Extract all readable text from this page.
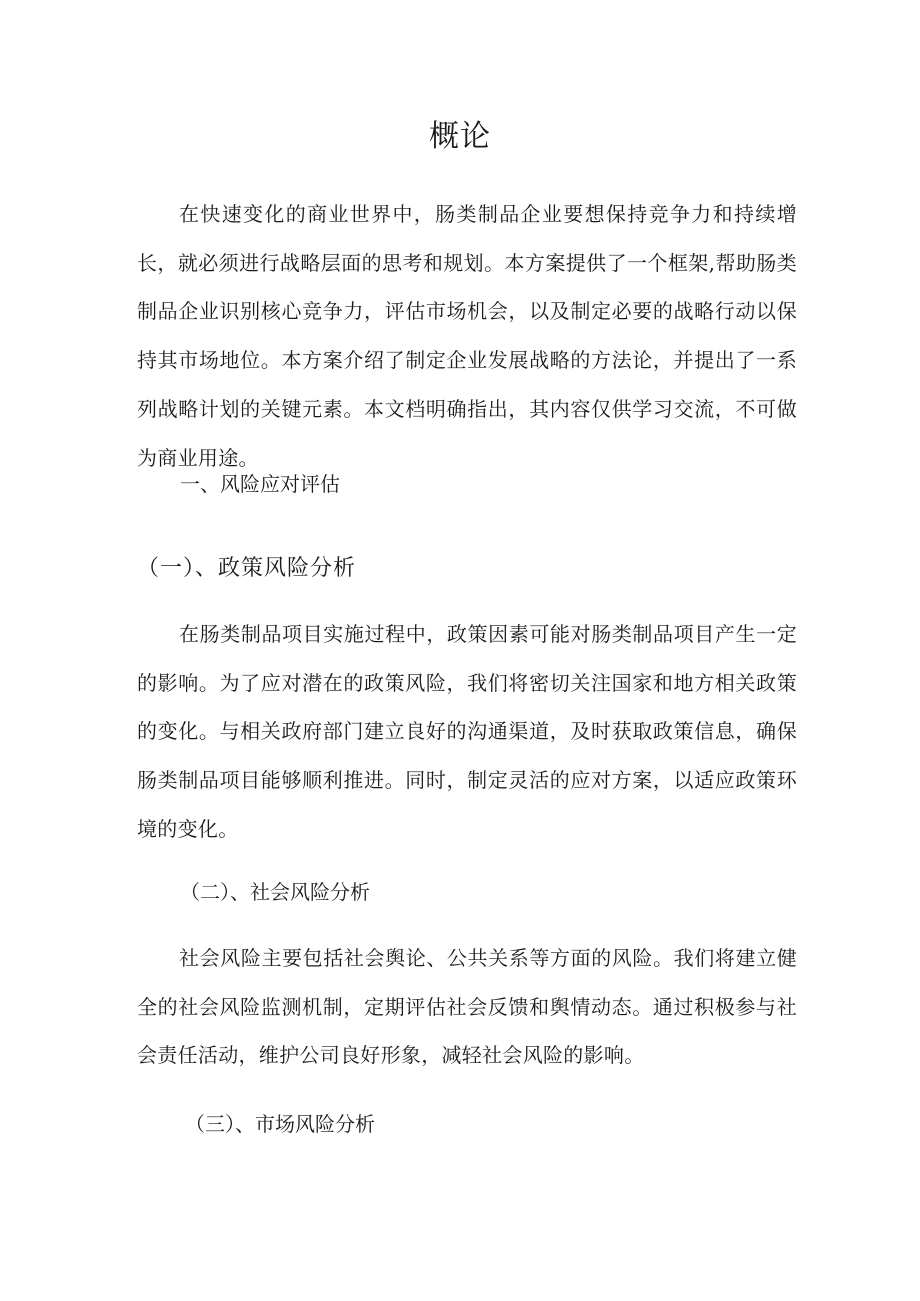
概论

在快速变化的商业世界中，肠类制品企业要想保持竞争力和持续增长，就必须进行战略层面的思考和规划。本方案提供了一个框架,帮助肠类制品企业识别核心竞争力，评估市场机会，以及制定必要的战略行动以保持其市场地位。本方案介绍了制定企业发展战略的方法论，并提出了一系列战略计划的关键元素。本文档明确指出，其内容仅供学习交流，不可做为商业用途。

一、风险应对评估
（一）、政策风险分析

在肠类制品项目实施过程中，政策因素可能对肠类制品项目产生一定的影响。为了应对潜在的政策风险，我们将密切关注国家和地方相关政策的变化。与相关政府部门建立良好的沟通渠道，及时获取政策信息，确保肠类制品项目能够顺利推进。同时，制定灵活的应对方案，以适应政策环境的变化。

（二）、社会风险分析

社会风险主要包括社会舆论、公共关系等方面的风险。我们将建立健全的社会风险监测机制，定期评估社会反馈和舆情动态。通过积极参与社会责任活动，维护公司良好形象，减轻社会风险的影响。

（三）、市场风险分析
